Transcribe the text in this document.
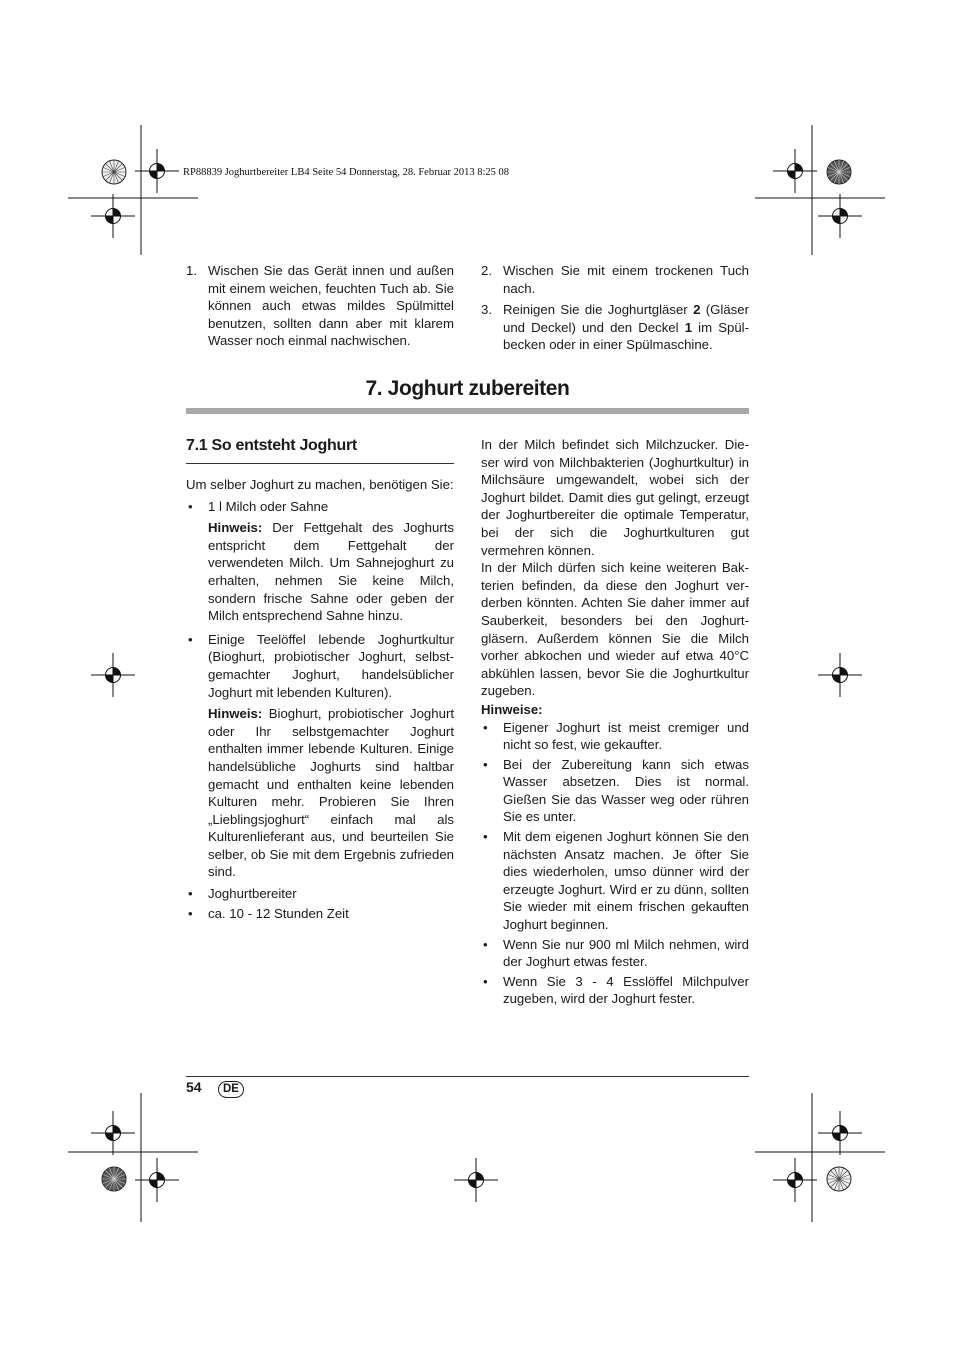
RP88839 Joghurtbereiter LB4 Seite 54 Donnerstag, 28. Februar 2013 8:25 08
1. Wischen Sie das Gerät innen und außen mit einem weichen, feuchten Tuch ab. Sie können auch etwas mildes Spülmittel benutzen, sollten dann aber mit klarem Wasser noch einmal nachwischen.
2. Wischen Sie mit einem trockenen Tuch nach.
3. Reinigen Sie die Joghurtgläser 2 (Gläser und Deckel) und den Deckel 1 im Spül-becken oder in einer Spülmaschine.
7. Joghurt zubereiten
7.1 So entsteht Joghurt
Um selber Joghurt zu machen, benötigen Sie:
• 1 l Milch oder Sahne
Hinweis: Der Fettgehalt des Joghurts entspricht dem Fettgehalt der verwendeten Milch. Um Sahnejoghurt zu erhalten, nehmen Sie keine Milch, sondern frische Sahne oder geben der Milch entsprechend Sahne hinzu.
• Einige Teelöffel lebende Joghurtkultur (Bioghurt, probiotischer Joghurt, selbst-gemachter Joghurt, handelsüblicher Joghurt mit lebenden Kulturen).
Hinweis: Bioghurt, probiotischer Joghurt oder Ihr selbstgemachter Joghurt enthalten immer lebende Kulturen. Einige handelsübliche Joghurts sind haltbar gemacht und enthalten keine lebenden Kulturen mehr. Probieren Sie Ihren „Lieblingsjoghurt“ einfach mal als Kulturenlieferant aus, und beurteilen Sie selber, ob Sie mit dem Ergebnis zufrieden sind.
• Joghurtbereiter
• ca. 10 - 12 Stunden Zeit
In der Milch befindet sich Milchzucker. Die-ser wird von Milchbakterien (Joghurtkultur) in Milchsäure umgewandelt, wobei sich der Joghurt bildet. Damit dies gut gelingt, erzeugt der Joghurtbereiter die optimale Temperatur, bei der sich die Joghurtkulturen gut vermehren können.
In der Milch dürfen sich keine weiteren Bak-terien befinden, da diese den Joghurt ver-derben könnten. Achten Sie daher immer auf Sauberkeit, besonders bei den Joghurt-gläsern. Außerdem können Sie die Milch vorher abkochen und wieder auf etwa 40°C abkühlen lassen, bevor Sie die Joghurtkultur zugeben.
Hinweise:
• Eigener Joghurt ist meist cremiger und nicht so fest, wie gekaufter.
• Bei der Zubereitung kann sich etwas Wasser absetzen. Dies ist normal. Gießen Sie das Wasser weg oder rühren Sie es unter.
• Mit dem eigenen Joghurt können Sie den nächsten Ansatz machen. Je öfter Sie dies wiederholen, umso dünner wird der erzeugte Joghurt. Wird er zu dünn, sollten Sie wieder mit einem frischen gekauften Joghurt beginnen.
• Wenn Sie nur 900 ml Milch nehmen, wird der Joghurt etwas fester.
• Wenn Sie 3 - 4 Esslöffel Milchpulver zugeben, wird der Joghurt fester.
54	DE
